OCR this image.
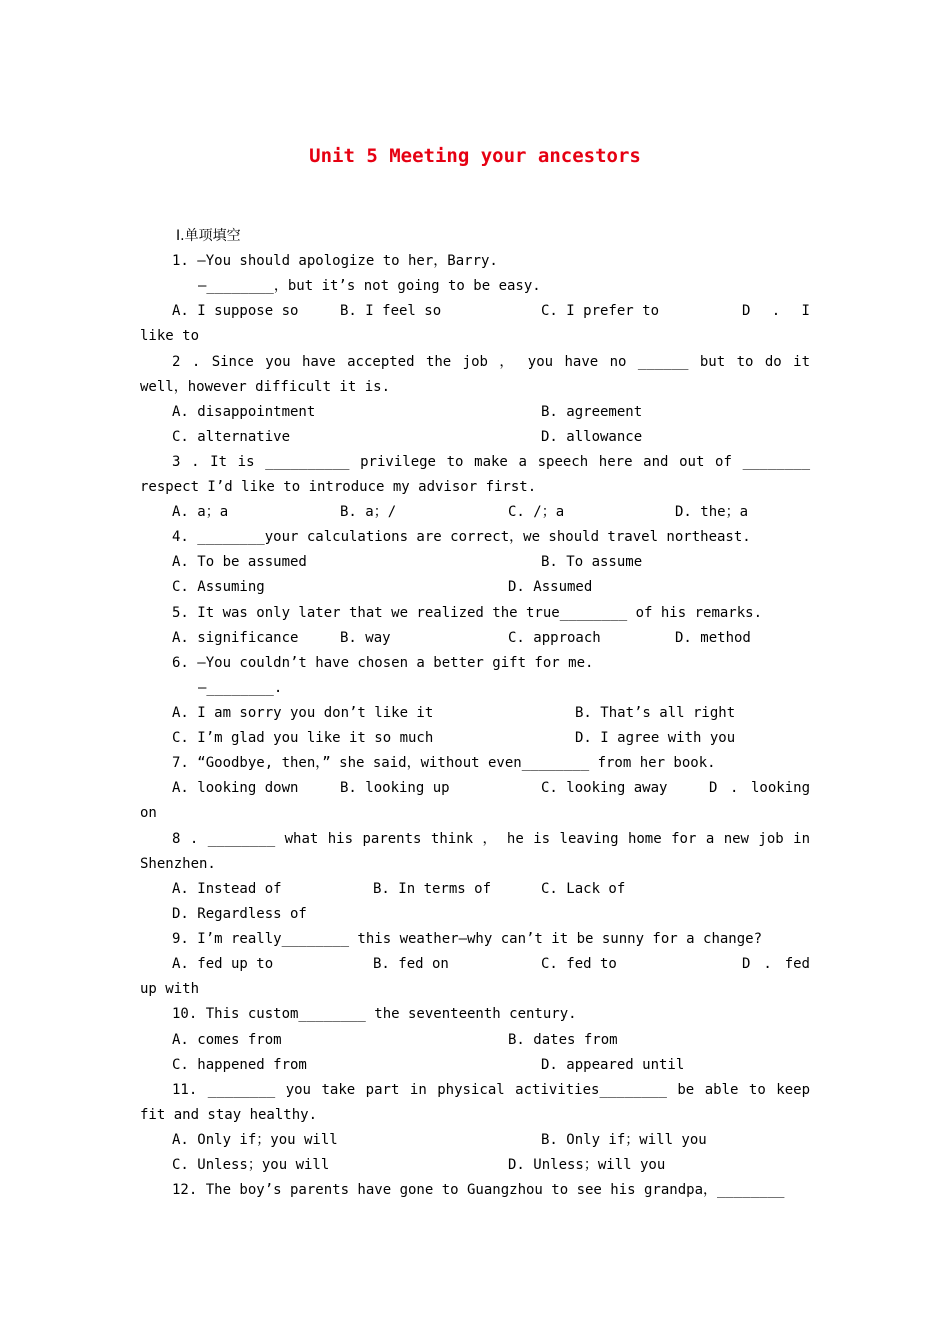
Unit 5 Meeting your ancestors
Ⅰ.单项填空
1. —You should apologize to her，Barry.
—________，but it’s not going to be easy.
A. I suppose so	B. I feel so	C. I prefer to	D . I
like to
2 . Since you have accepted the job ， you have no ______ but to do it
well，however difficult it is.
A. disappointment	B. agreement
C. alternative	D. allowance
3 . It is __________ privilege to make a speech here and out of ________
respect I’d like to introduce my advisor first.
A. a；a	B. a；/	C. /；a	D. the；a
4. ________your calculations are correct，we should travel northeast.
A. To be assumed	B. To assume
C. Assuming	D. Assumed
5. It was only later that we realized the true________ of his remarks.
A. significance	B. way	C. approach	D. method
6. —You couldn’t have chosen a better gift for me.
—________.
A. I am sorry you don’t like it	B. That’s all right
C. I’m glad you like it so much	D. I agree with you
7. “Goodbye, then，” she said，without even________ from her book.
A. looking down	B. looking up	C. looking away	D . looking
on
8 . ________ what his parents think ， he is leaving home for a new job in
Shenzhen.
A. Instead of	B. In terms of	C. Lack of
D. Regardless of
9. I’m really________ this weather—why can’t it be sunny for a change?
A. fed up to	B. fed on	C. fed to	D . fed
up with
10. This custom________ the seventeenth century.
A. comes from	B. dates from
C. happened from	D. appeared until
11. ________ you take part in physical activities________ be able to keep
fit and stay healthy.
A. Only if；you will	B. Only if；will you
C. Unless；you will	D. Unless；will you
12. The boy’s parents have gone to Guangzhou to see his grandpa，________
